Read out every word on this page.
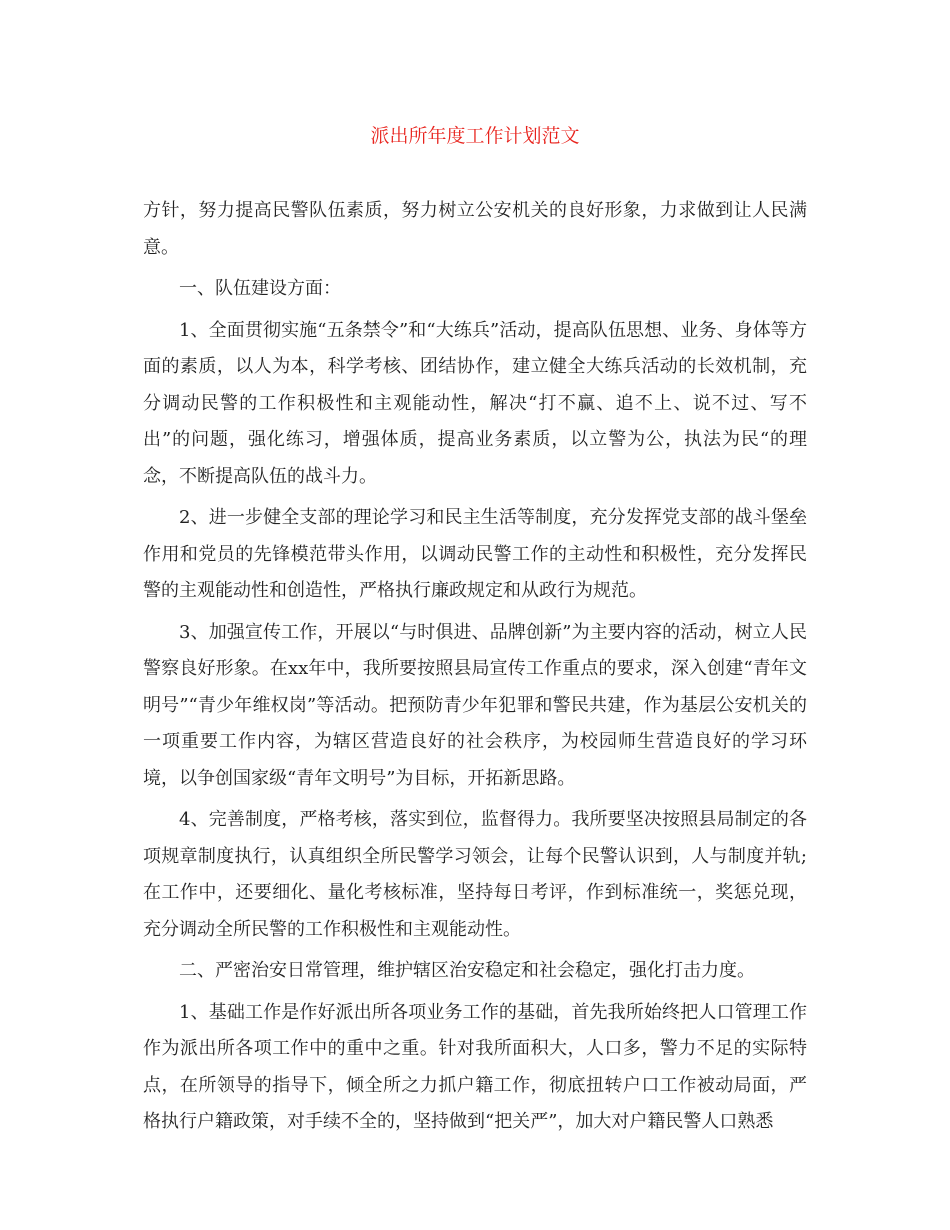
派出所年度工作计划范文

方针，努力提高民警队伍素质，努力树立公安机关的良好形象，力求做到让人民满意。

一、队伍建设方面：

1、全面贯彻实施“五条禁令”和“大练兵”活动，提高队伍思想、业务、身体等方面的素质，以人为本，科学考核、团结协作，建立健全大练兵活动的长效机制，充分调动民警的工作积极性和主观能动性，解决“打不赢、追不上、说不过、写不出”的问题，强化练习，增强体质，提高业务素质，以立警为公，执法为民“的理念，不断提高队伍的战斗力。

2、进一步健全支部的理论学习和民主生活等制度，充分发挥党支部的战斗堡垒作用和党员的先锋模范带头作用，以调动民警工作的主动性和积极性，充分发挥民警的主观能动性和创造性，严格执行廉政规定和从政行为规范。

3、加强宣传工作，开展以“与时俱进、品牌创新”为主要内容的活动，树立人民警察良好形象。在xx年中，我所要按照县局宣传工作重点的要求，深入创建“青年文明号”“青少年维权岗”等活动。把预防青少年犯罪和警民共建，作为基层公安机关的一项重要工作内容，为辖区营造良好的社会秩序，为校园师生营造良好的学习环境，以争创国家级“青年文明号”为目标，开拓新思路。

4、完善制度，严格考核，落实到位，监督得力。我所要坚决按照县局制定的各项规章制度执行，认真组织全所民警学习领会，让每个民警认识到，人与制度并轨;在工作中，还要细化、量化考核标准，坚持每日考评，作到标准统一，奖惩兑现，充分调动全所民警的工作积极性和主观能动性。

二、严密治安日常管理，维护辖区治安稳定和社会稳定，强化打击力度。

1、基础工作是作好派出所各项业务工作的基础，首先我所始终把人口管理工作作为派出所各项工作中的重中之重。针对我所面积大，人口多，警力不足的实际特点，在所领导的指导下，倾全所之力抓户籍工作，彻底扭转户口工作被动局面，严格执行户籍政策，对手续不全的，坚持做到“把关严”，加大对户籍民警人口熟悉
